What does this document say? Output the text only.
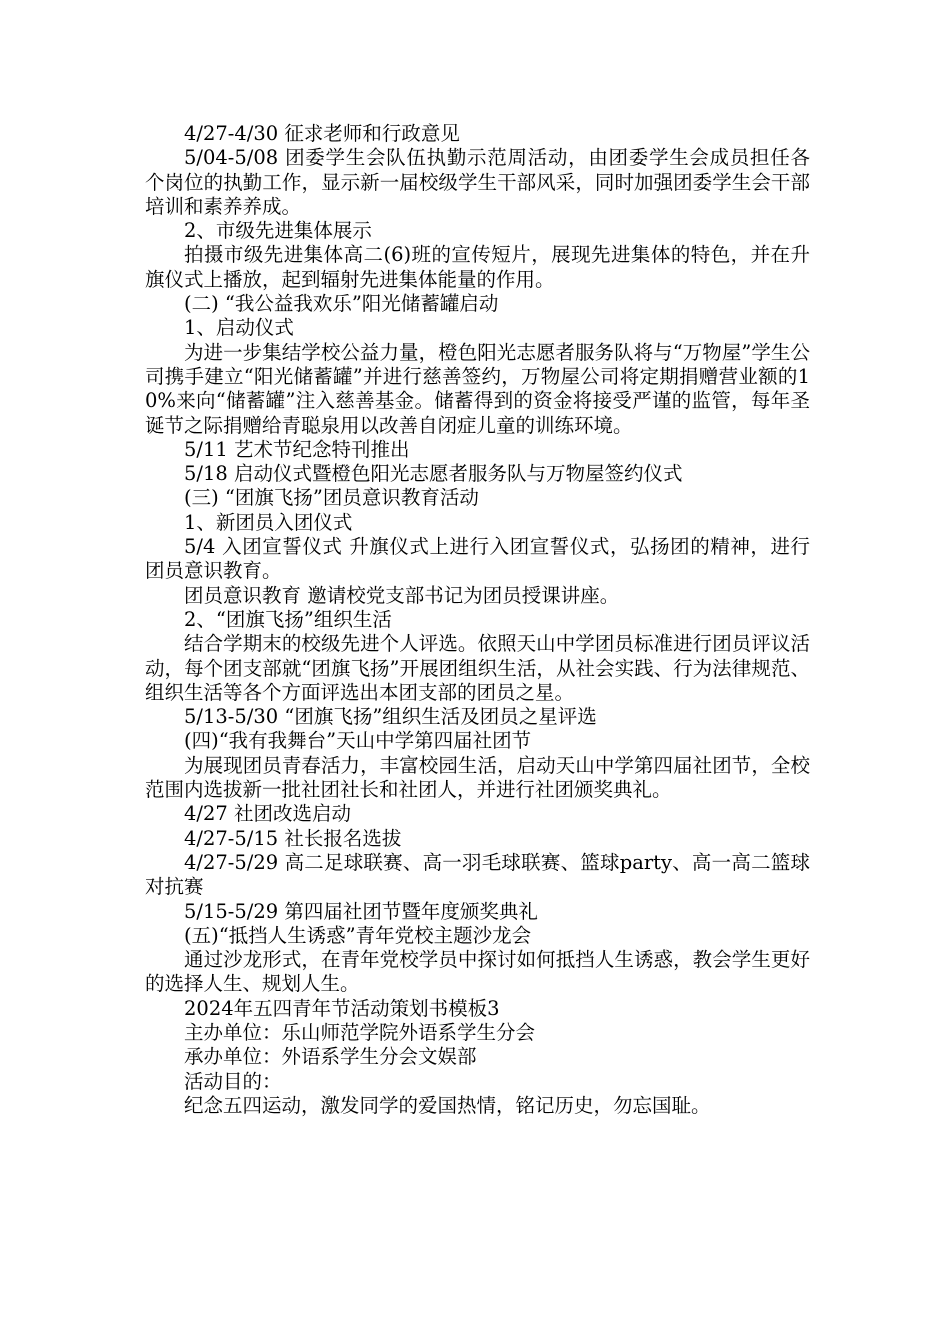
4/27-4/30 征求老师和行政意见

5/04-5/08 团委学生会队伍执勤示范周活动，由团委学生会成员担任各个岗位的执勤工作，显示新一届校级学生干部风采，同时加强团委学生会干部培训和素养养成。

2、市级先进集体展示

拍摄市级先进集体高二(6)班的宣传短片，展现先进集体的特色，并在升旗仪式上播放，起到辐射先进集体能量的作用。

(二) “我公益我欢乐”阳光储蓄罐启动

1、启动仪式

为进一步集结学校公益力量，橙色阳光志愿者服务队将与“万物屋”学生公司携手建立“阳光储蓄罐”并进行慈善签约，万物屋公司将定期捐赠营业额的10%来向“储蓄罐”注入慈善基金。储蓄得到的资金将接受严谨的监管，每年圣诞节之际捐赠给青聪泉用以改善自闭症儿童的训练环境。

5/11 艺术节纪念特刊推出

5/18 启动仪式暨橙色阳光志愿者服务队与万物屋签约仪式

(三) “团旗飞扬”团员意识教育活动

1、新团员入团仪式

5/4 入团宣誓仪式 升旗仪式上进行入团宣誓仪式，弘扬团的精神，进行团员意识教育。

团员意识教育 邀请校党支部书记为团员授课讲座。

2、“团旗飞扬”组织生活

结合学期末的校级先进个人评选。依照天山中学团员标准进行团员评议活动，每个团支部就“团旗飞扬”开展团组织生活，从社会实践、行为法律规范、组织生活等各个方面评选出本团支部的团员之星。

5/13-5/30 “团旗飞扬”组织生活及团员之星评选

(四)“我有我舞台”天山中学第四届社团节

为展现团员青春活力，丰富校园生活，启动天山中学第四届社团节，全校范围内选拔新一批社团社长和社团人，并进行社团颁奖典礼。

4/27 社团改选启动

4/27-5/15 社长报名选拔

4/27-5/29 高二足球联赛、高一羽毛球联赛、篮球party、高一高二篮球对抗赛

5/15-5/29 第四届社团节暨年度颁奖典礼

(五)“抵挡人生诱惑”青年党校主题沙龙会

通过沙龙形式，在青年党校学员中探讨如何抵挡人生诱惑，教会学生更好的选择人生、规划人生。

2024年五四青年节活动策划书模板3

主办单位：乐山师范学院外语系学生分会

承办单位：外语系学生分会文娱部

活动目的：

纪念五四运动，激发同学的爱国热情，铭记历史，勿忘国耻。
